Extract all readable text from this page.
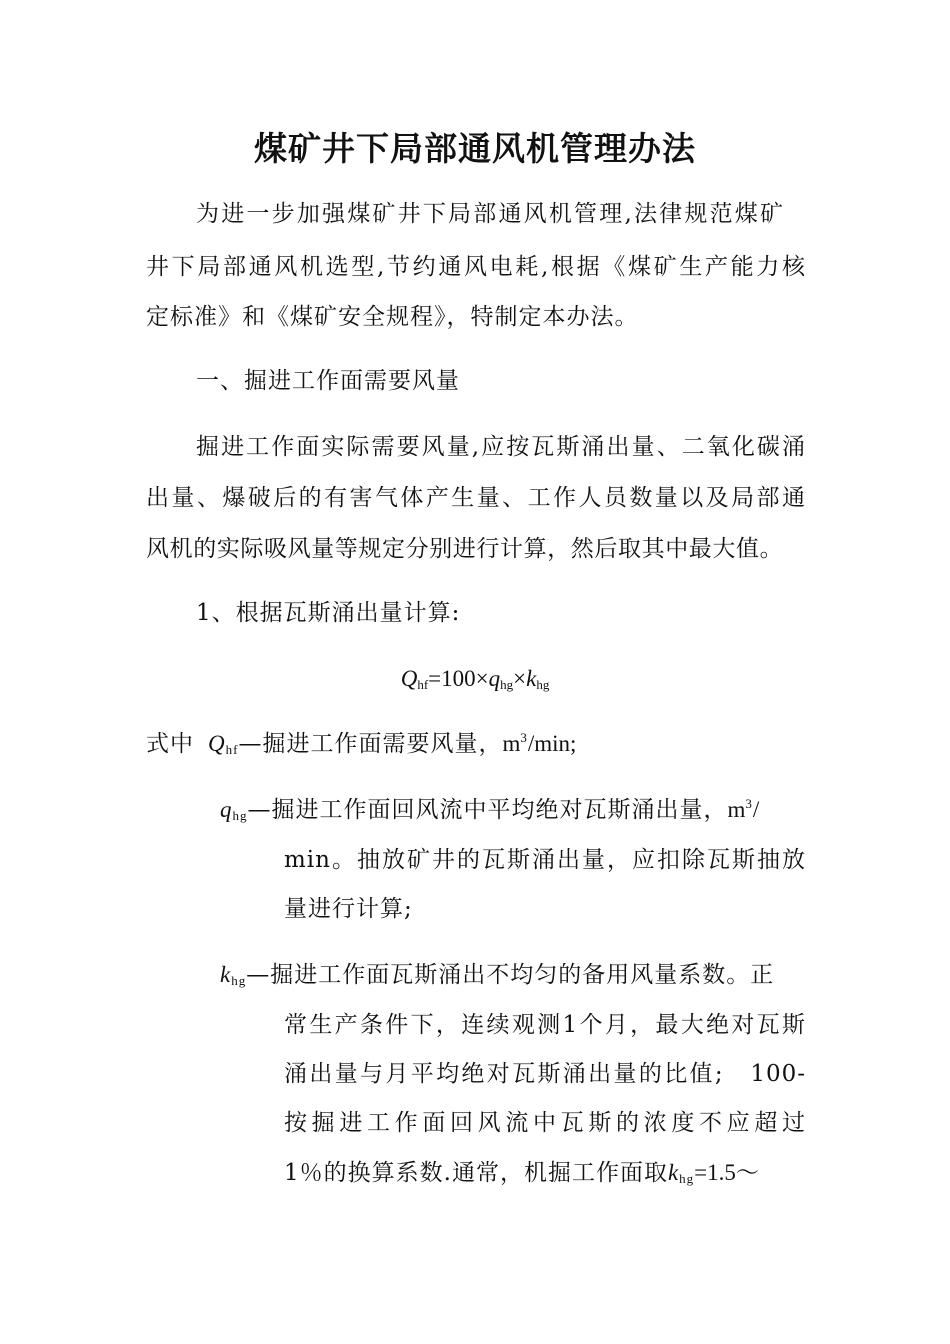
煤矿井下局部通风机管理办法
为进一步加强煤矿井下局部通风机管理,法律规范煤矿
井下局部通风机选型,节约通风电耗,根据《煤矿生产能力核
定标准》和《煤矿安全规程》，特制定本办法。
一、掘进工作面需要风量
掘进工作面实际需要风量,应按瓦斯涌出量、二氧化碳涌
出量、爆破后的有害气体产生量、工作人员数量以及局部通
风机的实际吸风量等规定分别进行计算，然后取其中最大值。
1、根据瓦斯涌出量计算:
$Q_{hf}=100\times q_{hg}\times k_{hg}$
式中 $Q_{hf}—$掘进工作面需要风量，$m^3/\min$;
$q_{hg}—$掘进工作面回风流中平均绝对瓦斯涌出量，$m^3/$
min。抽放矿井的瓦斯涌出量，应扣除瓦斯抽放
量进行计算;
$k_{hg}—$掘进工作面瓦斯涌出不均匀的备用风量系数。正
常生产条件下，连续观测1个月，最大绝对瓦斯
涌出量与月平均绝对瓦斯涌出量的比值;　100-
按掘进工作面回风流中瓦斯的浓度不应超过
1％的换算系数.通常，机掘工作面取$k_{hg}=1.5\sim$
